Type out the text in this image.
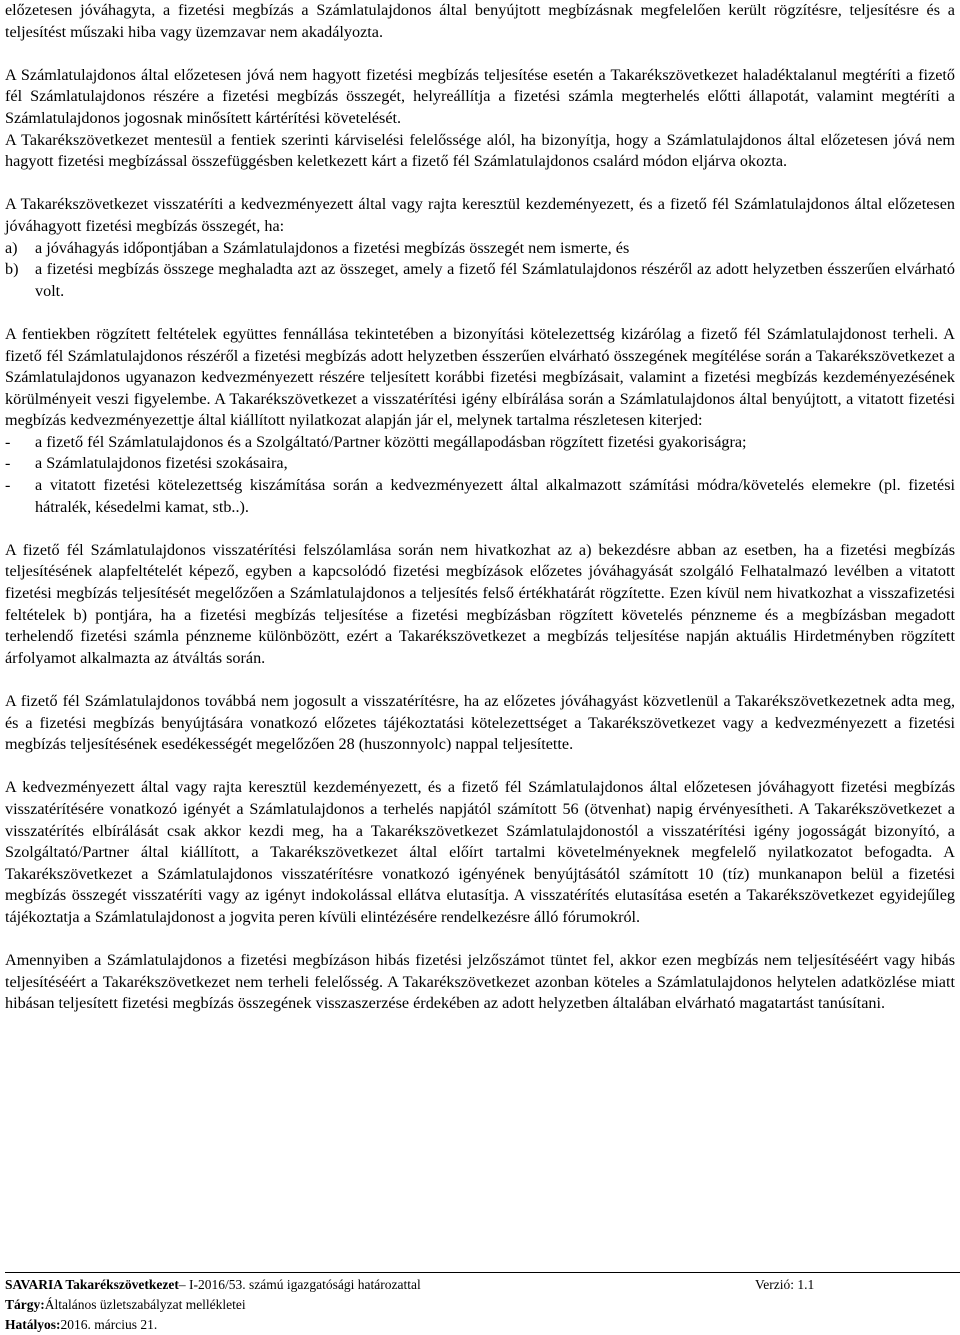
előzetesen jóváhagyta, a fizetési megbízás a Számlatulajdonos által benyújtott megbízásnak megfelelően került rögzítésre, teljesítésre és a teljesítést műszaki hiba vagy üzemzavar nem akadályozta.

A Számlatulajdonos által előzetesen jóvá nem hagyott fizetési megbízás teljesítése esetén a Takarékszövetkezet haladéktalanul megtéríti a fizető fél Számlatulajdonos részére a fizetési megbízás összegét, helyreállítja a fizetési számla megterhelés előtti állapotát, valamint megtéríti a Számlatulajdonos jogosnak minősített kártérítési követelését.

A Takarékszövetkezet mentesül a fentiek szerinti kárviselési felelőssége alól, ha bizonyítja, hogy a Számlatulajdonos által előzetesen jóvá nem hagyott fizetési megbízással összefüggésben keletkezett kárt a fizető fél Számlatulajdonos csalárd módon eljárva okozta.

A Takarékszövetkezet visszatéríti a kedvezményezett által vagy rajta keresztül kezdeményezett, és a fizető fél Számlatulajdonos által előzetesen jóváhagyott fizetési megbízás összegét, ha:

a)	a jóváhagyás időpontjában a Számlatulajdonos a fizetési megbízás összegét nem ismerte, és
b)	a fizetési megbízás összege meghaladta azt az összeget, amely a fizető fél Számlatulajdonos részéről az adott helyzetben ésszerűen elvárható volt.

A fentiekben rögzített feltételek együttes fennállása tekintetében a bizonyítási kötelezettség kizárólag a fizető fél Számlatulajdonost terheli. A fizető fél Számlatulajdonos részéről a fizetési megbízás adott helyzetben ésszerűen elvárható összegének megítélése során a Takarékszövetkezet a Számlatulajdonos ugyanazon kedvezményezett részére teljesített korábbi fizetési megbízásait, valamint a fizetési megbízás kezdeményezésének körülményeit veszi figyelembe. A Takarékszövetkezet a visszatérítési igény elbírálása során a Számlatulajdonos által benyújtott, a vitatott fizetési megbízás kedvezményezettje által kiállított nyilatkozat alapján jár el, melynek tartalma részletesen kiterjed:

-	a fizető fél Számlatulajdonos és a Szolgáltató/Partner közötti megállapodásban rögzített fizetési gyakoriságra;
-	a Számlatulajdonos fizetési szokásaira,
-	a vitatott fizetési kötelezettség kiszámítása során a kedvezményezett által alkalmazott számítási módra/követelés elemekre (pl. fizetési hátralék, késedelmi kamat, stb..).

A fizető fél Számlatulajdonos visszatérítési felszólamlása során nem hivatkozhat az a) bekezdésre abban az esetben, ha a fizetési megbízás teljesítésének alapfeltételét képező, egyben a kapcsolódó fizetési megbízások előzetes jóváhagyását szolgáló Felhatalmazó levélben a vitatott fizetési megbízás teljesítését megelőzően a Számlatulajdonos a teljesítés felső értékhatárát rögzítette. Ezen kívül nem hivatkozhat a visszafizetési feltételek b) pontjára, ha a fizetési megbízás teljesítése a fizetési megbízásban rögzített követelés pénzneme és a megbízásban megadott terhelendő fizetési számla pénzneme különbözött, ezért a Takarékszövetkezet a megbízás teljesítése napján aktuális Hirdetményben rögzített árfolyamot alkalmazta az átváltás során.

A fizető fél Számlatulajdonos továbbá nem jogosult a visszatérítésre, ha az előzetes jóváhagyást közvetlenül a Takarékszövetkezetnek adta meg, és a fizetési megbízás benyújtására vonatkozó előzetes tájékoztatási kötelezettséget a Takarékszövetkezet vagy a kedvezményezett a fizetési megbízás teljesítésének esedékességét megelőzően 28 (huszonnyolc) nappal teljesítette.

A kedvezményezett által vagy rajta keresztül kezdeményezett, és a fizető fél Számlatulajdonos által előzetesen jóváhagyott fizetési megbízás visszatérítésére vonatkozó igényét a Számlatulajdonos a terhelés napjától számított 56 (ötvenhat) napig érvényesítheti. A Takarékszövetkezet a visszatérítés elbírálását csak akkor kezdi meg, ha a Takarékszövetkezet Számlatulajdonostól a visszatérítési igény jogosságát bizonyító, a Szolgáltató/Partner által kiállított, a Takarékszövetkezet által előírt tartalmi követelményeknek megfelelő nyilatkozatot befogadta. A Takarékszövetkezet a Számlatulajdonos visszatérítésre vonatkozó igényének benyújtásától számított 10 (tíz) munkanapon belül a fizetési megbízás összegét visszatéríti vagy az igényt indokolással ellátva elutasítja. A visszatérítés elutasítása esetén a Takarékszövetkezet egyidejűleg tájékoztatja a Számlatulajdonost a jogvita peren kívüli elintézésére rendelkezésre álló fórumokról.

Amennyiben a Számlatulajdonos a fizetési megbízáson hibás fizetési jelzőszámot tüntet fel, akkor ezen megbízás nem teljesítéséért vagy hibás teljesítéséért a Takarékszövetkezet nem terheli felelősség. A Takarékszövetkezet azonban köteles a Számlatulajdonos helytelen adatközlése miatt hibásan teljesített fizetési megbízás összegének visszaszerzése érdekében az adott helyzetben általában elvárható magatartást tanúsítani.

SAVARIA Takarékszövetkezet – I-2016/53. számú igazgatósági határozattal	Verzió: 1.1
Tárgy: Általános üzletszabályzat mellékletei
Hatályos: 2016. március 21.
